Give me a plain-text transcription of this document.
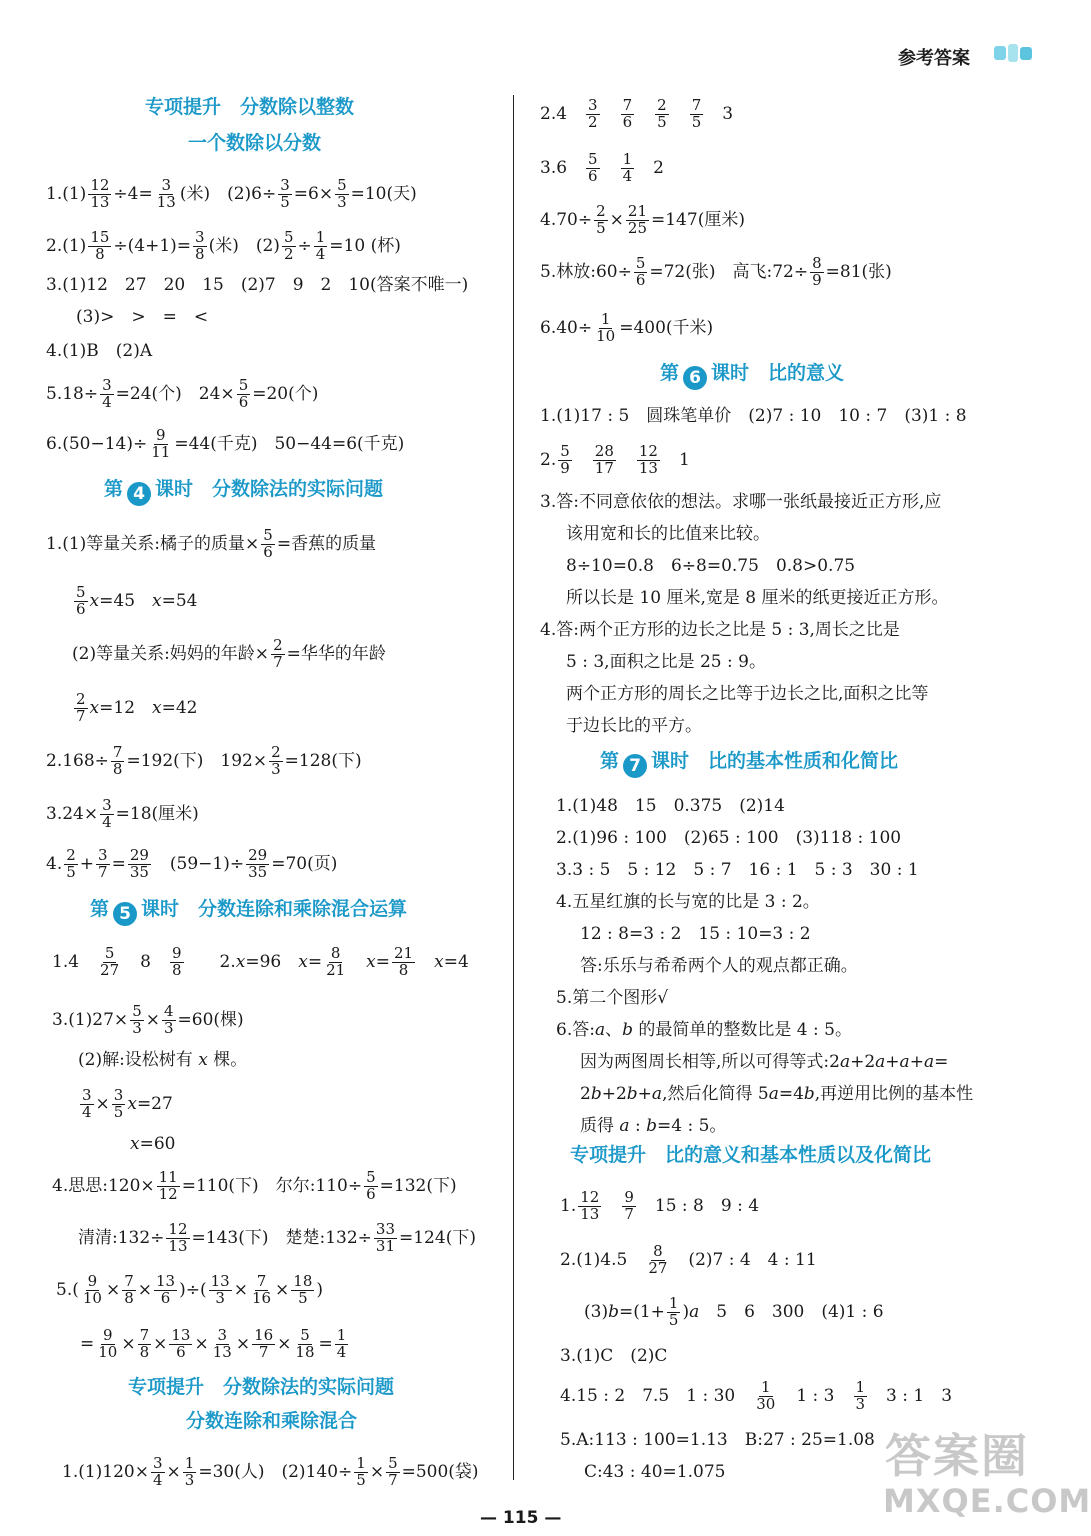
参考答案
专项提升　分数除以整数
一个数除以分数
$1.(1) \frac{12}{13} \div 4= \frac{3}{13}$ (米)　$(2)6\div \frac{3}{5} =6\times \frac{5}{3} =10$(天)
$2.(1) \frac{15}{8} \div(4+1)= \frac{3}{8}$ (米)　$(2) \frac{5}{2} \div \frac{1}{4} =10$ (杯)
3.(1)12　27　20　15　(2)7　9　2　10(答案不唯一)
(3)>　>　=　<
4.(1)B　(2)A
$5.18\div \frac{3}{4} =24$(个)　$24\times \frac{5}{6} =20$(个)
$6.(50-14)\div \frac{9}{11} =44$(千克)　50−44=6(千克)
第 4 课时　分数除法的实际问题
1.(1)等量关系:橘子的质量× $\frac{5}{6}$ =香蕉的质量
$\frac{5}{6} x=45$　x=54
(2)等量关系:妈妈的年龄× $\frac{2}{7}$ =华华的年龄
$\frac{2}{7} x=12$　x=42
$2.168\div \frac{7}{8} =192$(下)　$192\times \frac{2}{3} =128$(下)
$3.24\times \frac{3}{4} =18$(厘米)
4. $\frac{2}{5} + \frac{3}{7} = \frac{29}{35}$ 　$(59-1)\div \frac{29}{35} =70$(页)
第 5 课时　分数连除和乘除混合运算
1.4　 $\frac{5}{27}$ 　8　 $\frac{9}{8}$ 　　2.x=96　$x= \frac{8}{21}$
　 $x= \frac{21}{8}$
　 x=4
$3.(1)27\times \frac{5}{3} \times \frac{4}{3} =60$(棵)
(2)解:设松树有 x 棵。
$\frac{3}{4} \times \frac{3}{5} x=27$
x=60
4.思思:120× $\frac{11}{12} =110$(下)　尔尔:110÷ $\frac{5}{6} =132$(下)
清清:132÷ $\frac{12}{13} =143$(下)　楚楚:132÷ $\frac{33}{31} =124$(下)
$5.( \frac{9}{10} \times \frac{7}{8} \times \frac{13}{6}$ )÷( $\frac{13}{3} \times \frac{7}{16} \times \frac{18}{5}$ )
= $\frac{9}{10} \times \frac{7}{8} \times \frac{13}{6} \times \frac{3}{13} \times \frac{16}{7} \times \frac{5}{18} = \frac{1}{4}$
专项提升　分数除法的实际问题
分数连除和乘除混合
$1.(1)120\times \frac{3}{4} \times \frac{1}{3} =30$(人)　$(2)140\div \frac{1}{5} \times \frac{5}{7} =500$(袋)
2.4　 $\frac{3}{2}$
　 $\frac{7}{6}$
　 $\frac{2}{5}$
　 $\frac{7}{5}$ 　3
3.6　 $\frac{5}{6}$
　 $\frac{1}{4}$ 　2
$4.70\div \frac{2}{5} \times \frac{21}{25} =147$(厘米)
5.林放:60÷ $\frac{5}{6} =72$(张)　高飞:72÷ $\frac{8}{9} =81$(张)
$6.40\div \frac{1}{10} =400$(千米)
第 6 课时　比的意义
1.(1)17 : 5　圆珠笔单价　(2)7 : 10　10 : 7　(3)1 : 8
2. $\frac{5}{9}$
　 $\frac{28}{17}$
　 $\frac{12}{13}$ 　1
3.答:不同意依依的想法。求哪一张纸最接近正方形,应
该用宽和长的比值来比较。
8÷10=0.8　6÷8=0.75　0.8>0.75
所以长是 10 厘米,宽是 8 厘米的纸更接近正方形。
4.答:两个正方形的边长之比是 5 : 3,周长之比是
5 : 3,面积之比是 25 : 9。
两个正方形的周长之比等于边长之比,面积之比等
于边长比的平方。
第 7 课时　比的基本性质和化简比
1.(1)48　15　0.375　(2)14
2.(1)96 : 100　(2)65 : 100　(3)118 : 100
3.3 : 5　5 : 12　5 : 7　16 : 1　5 : 3　30 : 1
4.五星红旗的长与宽的比是 3 : 2。
12 : 8=3 : 2　15 : 10=3 : 2
答:乐乐与希希两个人的观点都正确。
5.第二个图形√
6.答:a、b 的最简单的整数比是 4 : 5。
因为两图周长相等,所以可得等式:2a+2a+a+a=
2b+2b+a,然后化简得 5a=4b,再逆用比例的基本性
质得 a : b=4 : 5。
专项提升　比的意义和基本性质以及化简比
1. $\frac{12}{13}$
　 $\frac{9}{7}$ 　15 : 8　9 : 4
2.(1)4.5　 $\frac{8}{27}$ 　(2)7 : 4　4 : 11
$(3)b=(1+ \frac{1}{5} )a$　5　6　300　(4)1 : 6
3.(1)C　(2)C
4.15 : 2　7.5　1 : 30　 $\frac{1}{30}$ 　1 : 3　 $\frac{1}{3}$ 　3 : 1　3
5.A:113 : 100=1.13　B:27 : 25=1.08
C:43 : 40=1.075	答案圈
MXQE.COM
— 115 —
